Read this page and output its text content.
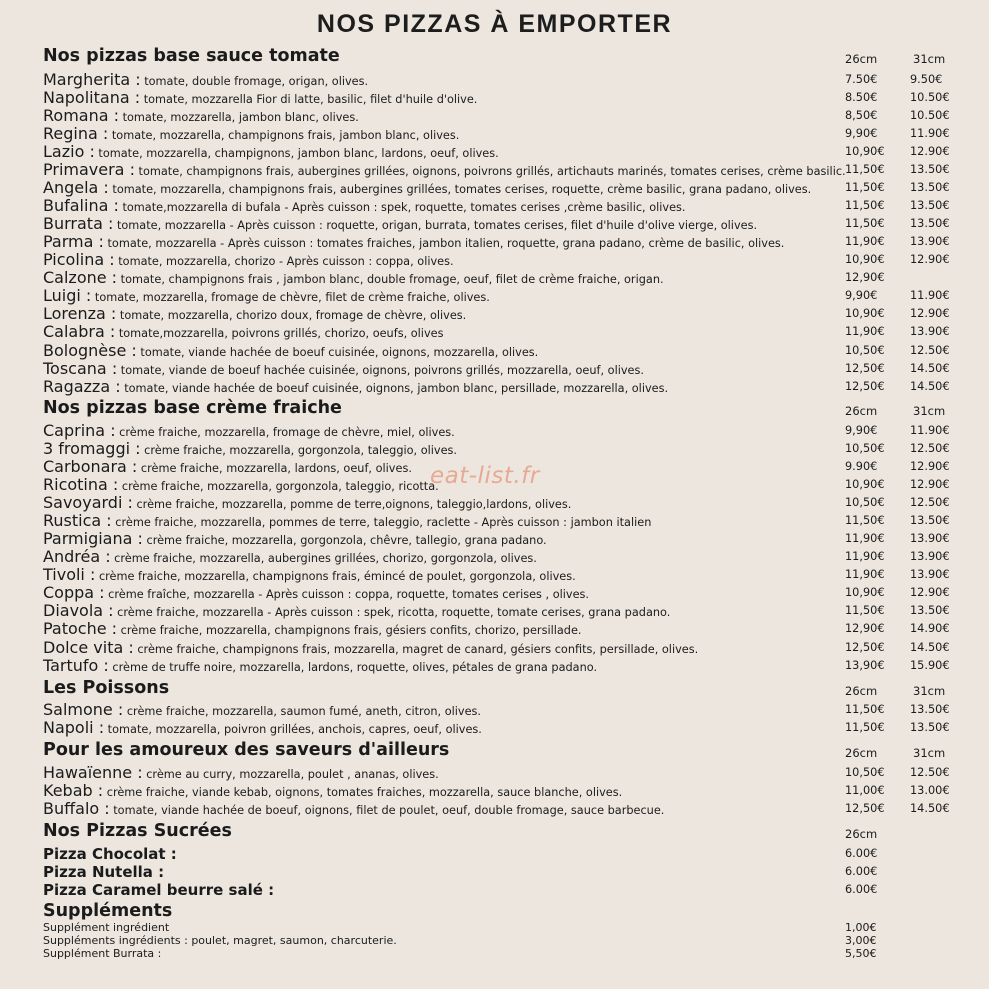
NOS PIZZAS À EMPORTER
eat-list.fr
Nos pizzas base sauce tomate	26cm	31cm
Margherita : tomate, double fromage, origan, olives.	7.50€	9.50€
Napolitana : tomate, mozzarella Fior di latte, basilic, filet d'huile d'olive.	8.50€	10.50€
Romana : tomate, mozzarella, jambon blanc, olives.	8,50€	10.50€
Regina : tomate, mozzarella, champignons frais, jambon blanc, olives.	9,90€	11.90€
Lazio : tomate, mozzarella, champignons, jambon blanc, lardons, oeuf, olives.	10,90€ 12.90€
Primavera : tomate, champignons frais, aubergines grillées, oignons, poivrons grillés, artichauts marinés, tomates cerises, crème basilic. 11,50€ 13.50€
Angela : tomate, mozzarella, champignons frais, aubergines grillées, tomates cerises, roquette, crème basilic, grana padano, olives.	11,50€ 13.50€
Bufalina : tomate,mozzarella di bufala - Après cuisson : spek, roquette, tomates cerises ,crème basilic, olives.	11,50€ 13.50€
Burrata : tomate, mozzarella - Après cuisson : roquette, origan, burrata, tomates cerises, filet d'huile d'olive vierge, olives.	11,50€ 13.50€
Parma : tomate, mozzarella - Après cuisson : tomates fraiches, jambon italien, roquette, grana padano, crème de basilic, olives.	11,90€ 13.90€
Picolina : tomate, mozzarella, chorizo - Après cuisson : coppa, olives.	10,90€ 12.90€
Calzone : tomate, champignons frais , jambon blanc, double fromage, oeuf, filet de crème fraiche, origan.	12,90€
Luigi : tomate, mozzarella, fromage de chèvre, filet de crème fraiche, olives.	9,90€	11.90€
Lorenza : tomate, mozzarella, chorizo doux, fromage de chèvre, olives.	10,90€ 12.90€
Calabra : tomate,mozzarella, poivrons grillés, chorizo, oeufs, olives	11,90€ 13.90€
Bolognèse : tomate, viande hachée de boeuf cuisinée, oignons, mozzarella, olives.	10,50€ 12.50€
Toscana : tomate, viande de boeuf hachée cuisinée, oignons, poivrons grillés, mozzarella, oeuf, olives.	12,50€ 14.50€
Ragazza : tomate, viande hachée de boeuf cuisinée, oignons, jambon blanc, persillade, mozzarella, olives.	12,50€ 14.50€
Nos pizzas base crème fraiche	26cm	31cm
Caprina : crème fraiche, mozzarella, fromage de chèvre, miel, olives.	9,90€	11.90€
3 fromaggi : crème fraiche, mozzarella, gorgonzola, taleggio, olives.	10,50€ 12.50€
Carbonara : crème fraiche, mozzarella, lardons, oeuf, olives.	9.90€	12.90€
Ricotina : crème fraiche, mozzarella, gorgonzola, taleggio, ricotta.	10,90€ 12.90€
Savoyardi : crème fraiche, mozzarella, pomme de terre,oignons, taleggio,lardons, olives.	10,50€ 12.50€
Rustica : crème fraiche, mozzarella, pommes de terre, taleggio, raclette - Après cuisson : jambon italien	11,50€ 13.50€
Parmigiana : crème fraiche, mozzarella, gorgonzola, chêvre, tallegio, grana padano.	11,90€ 13.90€
Andréa : crème fraiche, mozzarella, aubergines grillées, chorizo, gorgonzola, olives.	11,90€ 13.90€
Tivoli : crème fraiche, mozzarella, champignons frais, émincé de poulet, gorgonzola, olives.	11,90€ 13.90€
Coppa : crème fraîche, mozzarella - Après cuisson : coppa, roquette, tomates cerises , olives.	10,90€ 12.90€
Diavola : crème fraiche, mozzarella - Après cuisson : spek, ricotta, roquette, tomate cerises, grana padano.	11,50€ 13.50€
Patoche : crème fraiche, mozzarella, champignons frais, gésiers confits, chorizo, persillade.	12,90€ 14.90€
Dolce vita : crème fraiche, champignons frais, mozzarella, magret de canard, gésiers confits, persillade, olives.	12,50€ 14.50€
Tartufo : crème de truffe noire, mozzarella, lardons, roquette, olives, pétales de grana padano.	13,90€ 15.90€
Les Poissons	26cm	31cm
Salmone : crème fraiche, mozzarella, saumon fumé, aneth, citron, olives.	11,50€ 13.50€
Napoli : tomate, mozzarella, poivron grillées, anchois, capres, oeuf, olives.	11,50€ 13.50€
Pour les amoureux des saveurs d'ailleurs	26cm	31cm
Hawaïenne : crème au curry, mozzarella, poulet , ananas, olives.	10,50€ 12.50€
Kebab : crème fraiche, viande kebab, oignons, tomates fraiches, mozzarella, sauce blanche, olives.	11,00€ 13.00€
Buffalo : tomate, viande hachée de boeuf, oignons, filet de poulet, oeuf, double fromage, sauce barbecue.	12,50€ 14.50€
Nos Pizzas Sucrées	26cm
Pizza Chocolat :	6.00€
Pizza Nutella :	6.00€
Pizza Caramel beurre salé :	6.00€
Suppléments
Supplément ingrédient	1,00€
Suppléments ingrédients : poulet, magret, saumon, charcuterie.	3,00€
Supplément Burrata :	5,50€
